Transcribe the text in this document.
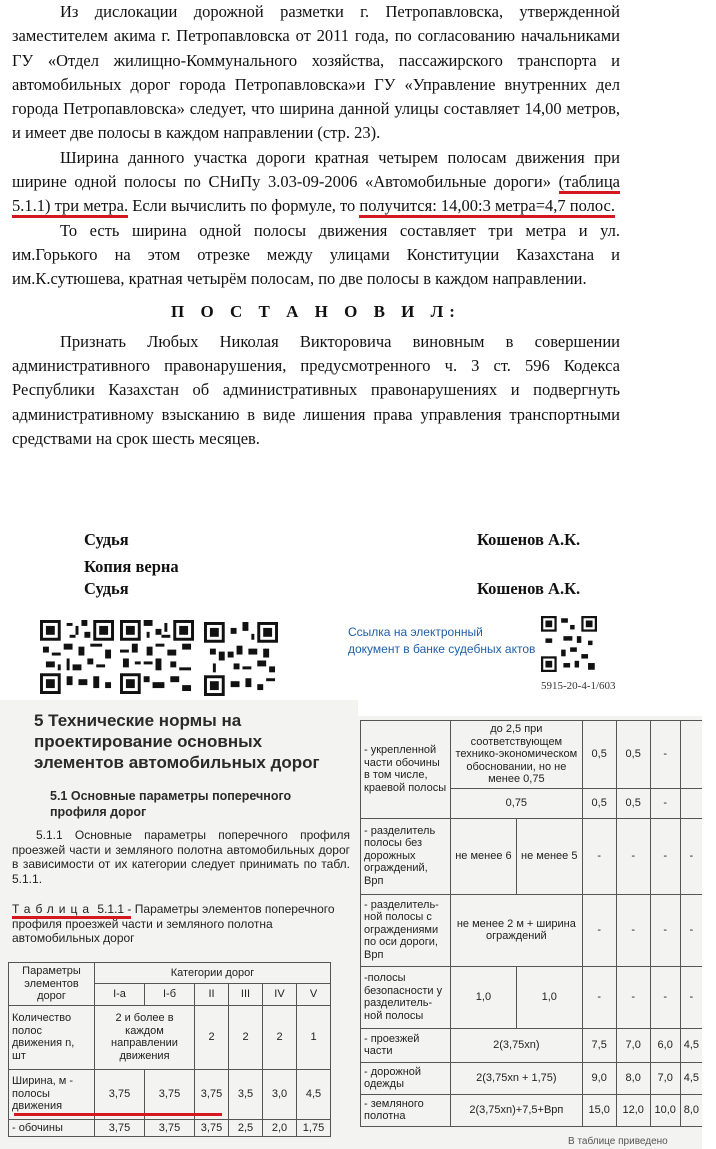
Из дислокации дорожной разметки г. Петропавловска, утвержденной заместителем акима г. Петропавловска от 2011 года, по согласованию начальниками ГУ «Отдел жилищно-Коммунального хозяйства, пассажирского транспорта и автомобильных дорог города Петропавловска»и ГУ «Управление внутренних дел города Петропавловска» следует, что ширина данной улицы составляет 14,00 метров, и имеет две полосы в каждом направлении (стр. 23).

Ширина данного участка дороги кратная четырем полосам движения при ширине одной полосы по СНиПу 3.03-09-2006 «Автомобильные дороги» (таблица 5.1.1) три метра. Если вычислить по формуле, то получится: 14,00:3 метра=4,7 полос.

То есть ширина одной полосы движения составляет три метра и ул. им.Горького на этом отрезке между улицами Конституции Казахстана и им.К.сутюшева, кратная четырём полосам, по две полосы в каждом направлении.

П О С Т А Н О В И Л:

Признать Любых Николая Викторовича виновным в совершении административного правонарушения, предусмотренного ч. 3 ст. 596 Кодекса Республики Казахстан об административных правонарушениях и подвергнуть административному взысканию в виде лишения права управления транспортными средствами на срок шесть месяцев.

Судья	Кошенов А.К.
Копия верна
Судья	Кошенов А.К.
Ссылка на электронный документ в банке судебных актов
5915-20-4-1/603
5 Технические нормы на проектирование основных элементов автомобильных дорог
5.1 Основные параметры поперечного профиля дорог
5.1.1 Основные параметры поперечного профиля проезжей части и земляного полотна автомобильных дорог в зависимости от их категории следует принимать по табл. 5.1.1.
Таблица 5.1.1 - Параметры элементов поперечного профиля проезжей части и земляного полотна автомобильных дорог
Параметры элементов дорог	Категории дорог					
	I-а	I-б	II	III	IV	V
Количество полос движения n, шт	2 и более в каждом направлении движения		2	2	2	1
Ширина, м - полосы движения	3,75	3,75	3,75	3,5	3,0	4,5
- обочины	3,75	3,75	3,75	2,5	2,0	1,75
- укрепленной части обочины в том числе, краевой полосы	до 2,5 при соответствующем технико-экономическом обосновании, но не менее 0,75		0,5	0,5	-	
	0,75		0,5	0,5	-	
- разделитель полосы без дорожных ограждений, Врп	не менее 6	не менее 5	-	-	-	-
- разделитель-ной полосы с ограждениями по оси дороги, Врп	не менее 2 м + ширина ограждений		-	-	-	-
-полосы безопасности у разделитель-ной полосы	1,0	1,0	-	-	-	-
- проезжей части	2(3,75хn)		7,5	7,0	6,0	4,5
- дорожной одежды	2(3,75хn + 1,75)		9,0	8,0	7,0	4,5
- земляного полотна	2(3,75хn)+7,5+Врп		15,0	12,0	10,0	8,0
В таблице приведено
